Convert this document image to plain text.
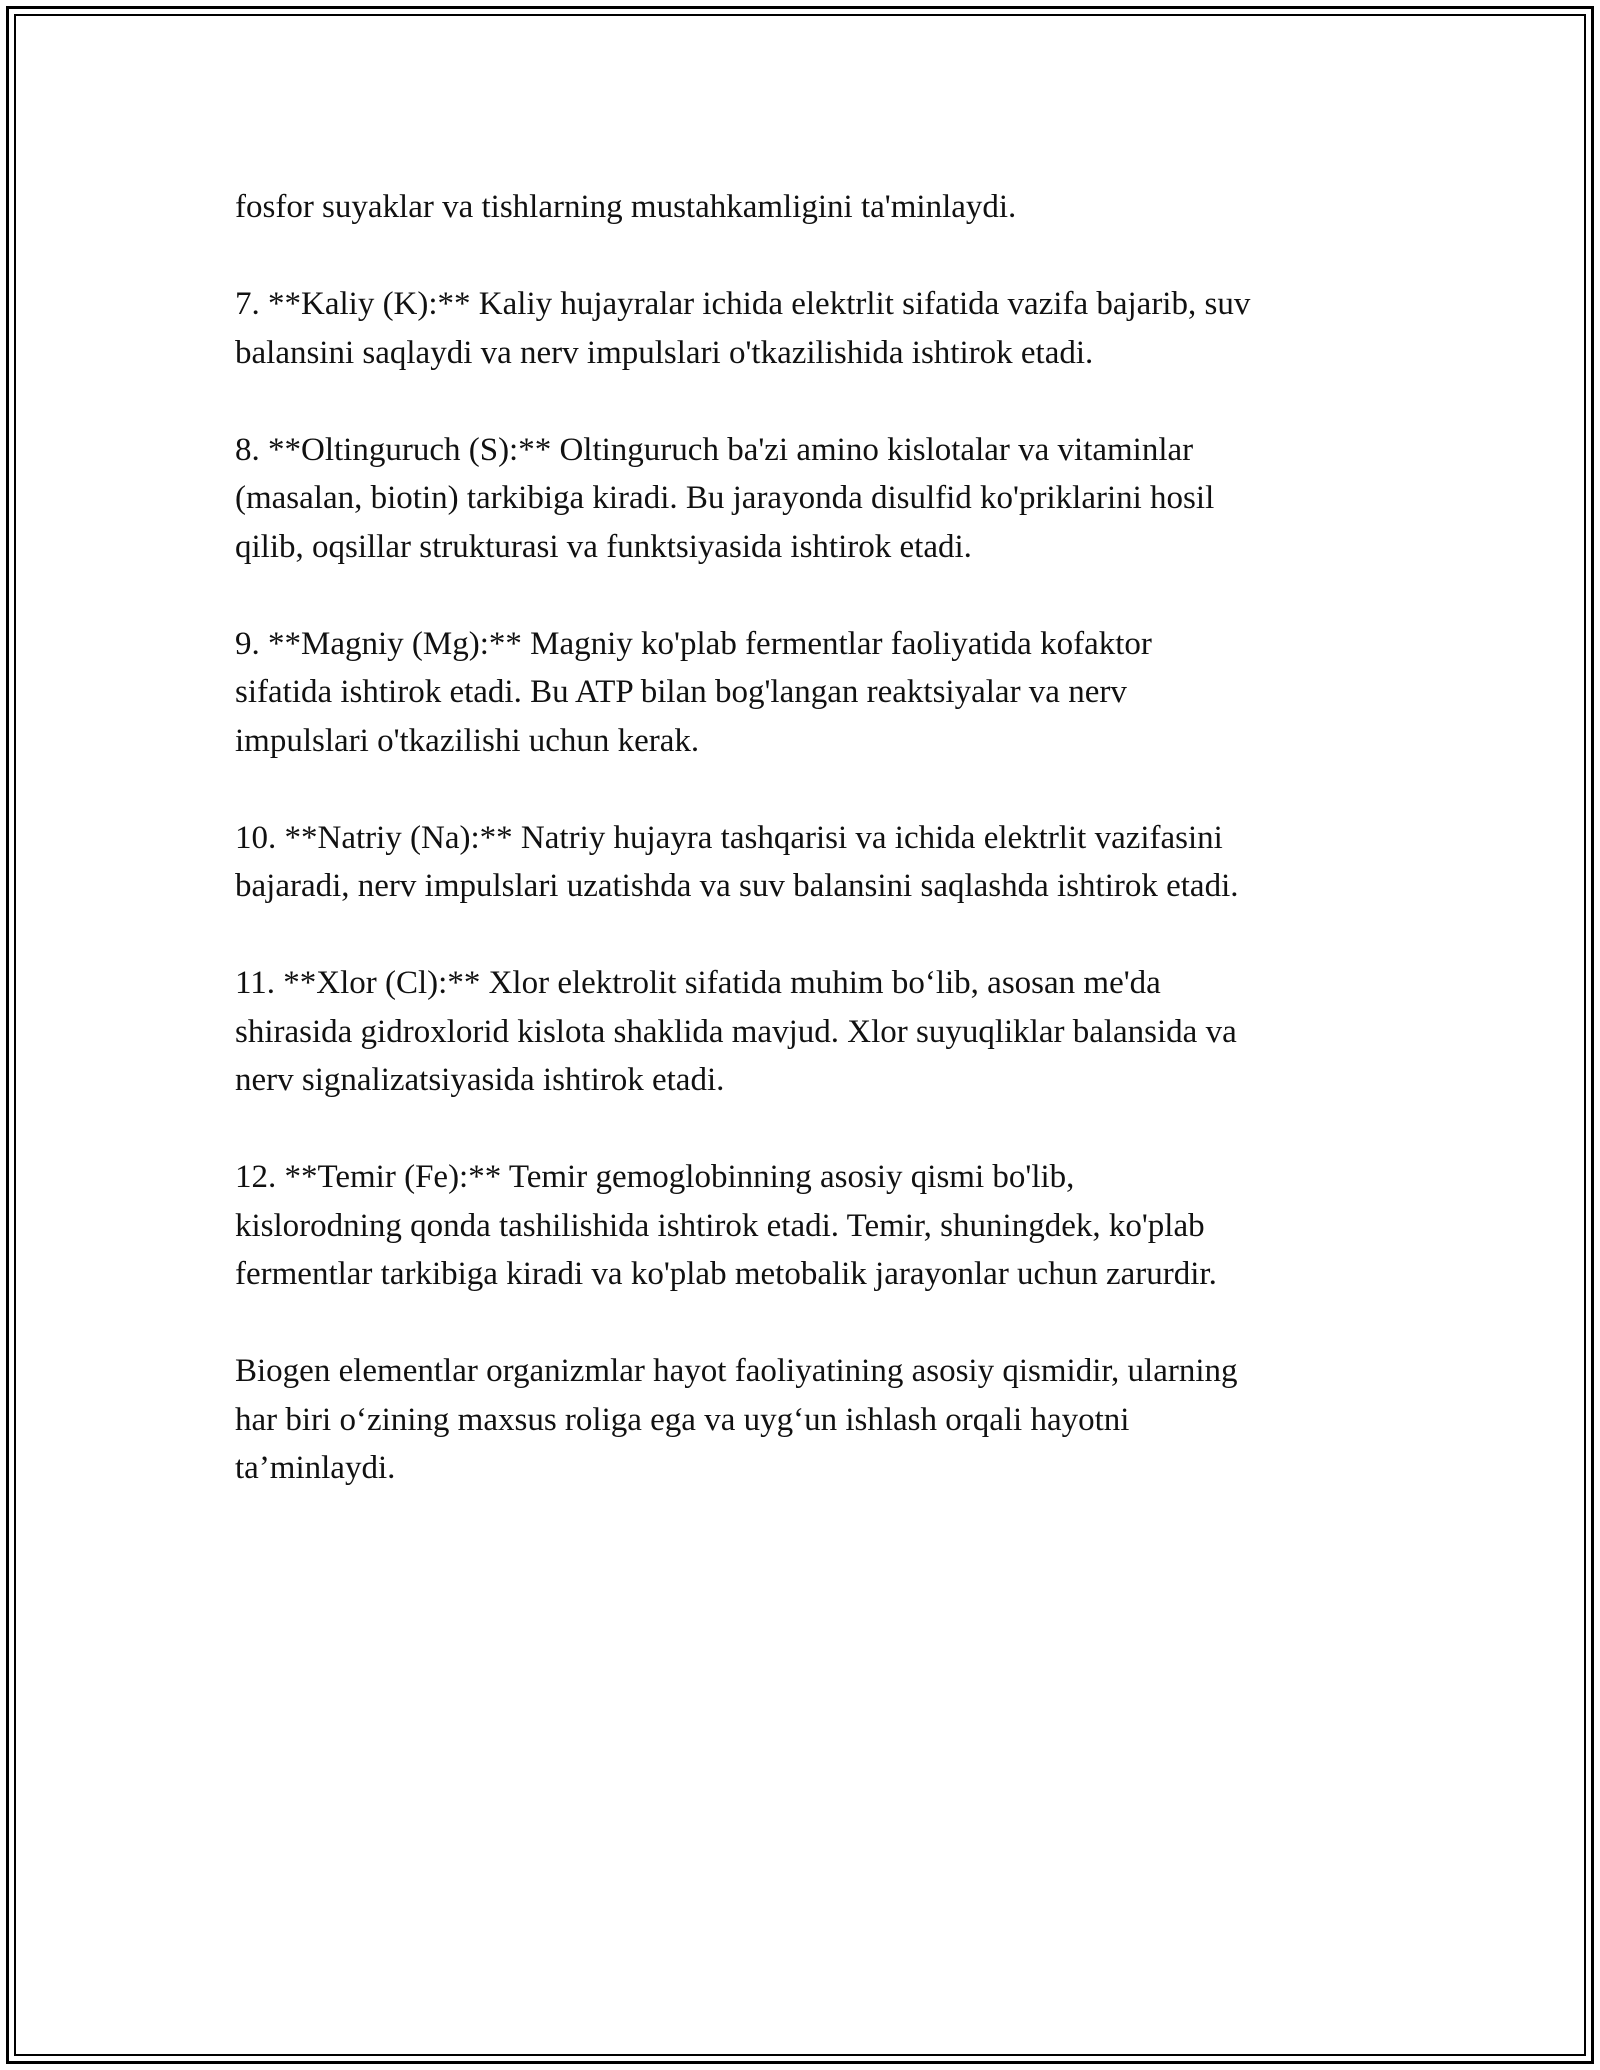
fosfor suyaklar va tishlarning mustahkamligini ta'minlaydi.

7. **Kaliy (K):** Kaliy hujayralar ichida elektrlit sifatida vazifa bajarib, suv
balansini saqlaydi va nerv impulslari o'tkazilishida ishtirok etadi.

8. **Oltinguruch (S):** Oltinguruch ba'zi amino kislotalar va vitaminlar
(masalan, biotin) tarkibiga kiradi. Bu jarayonda disulfid ko'priklarini hosil
qilib, oqsillar strukturasi va funktsiyasida ishtirok etadi.

9. **Magniy (Mg):** Magniy ko'plab fermentlar faoliyatida kofaktor
sifatida ishtirok etadi. Bu ATP bilan bog'langan reaktsiyalar va nerv
impulslari o'tkazilishi uchun kerak.

10. **Natriy (Na):** Natriy hujayra tashqarisi va ichida elektrlit vazifasini
bajaradi, nerv impulslari uzatishda va suv balansini saqlashda ishtirok etadi.

11. **Xlor (Cl):** Xlor elektrolit sifatida muhim bo‘lib, asosan me'da
shirasida gidroxlorid kislota shaklida mavjud. Xlor suyuqliklar balansida va
nerv signalizatsiyasida ishtirok etadi.

12. **Temir (Fe):** Temir gemoglobinning asosiy qismi bo'lib,
kislorodning qonda tashilishida ishtirok etadi. Temir, shuningdek, ko'plab
fermentlar tarkibiga kiradi va ko'plab metobalik jarayonlar uchun zarurdir.

Biogen elementlar organizmlar hayot faoliyatining asosiy qismidir, ularning
har biri o‘zining maxsus roliga ega va uyg‘un ishlash orqali hayotni
ta’minlaydi.
